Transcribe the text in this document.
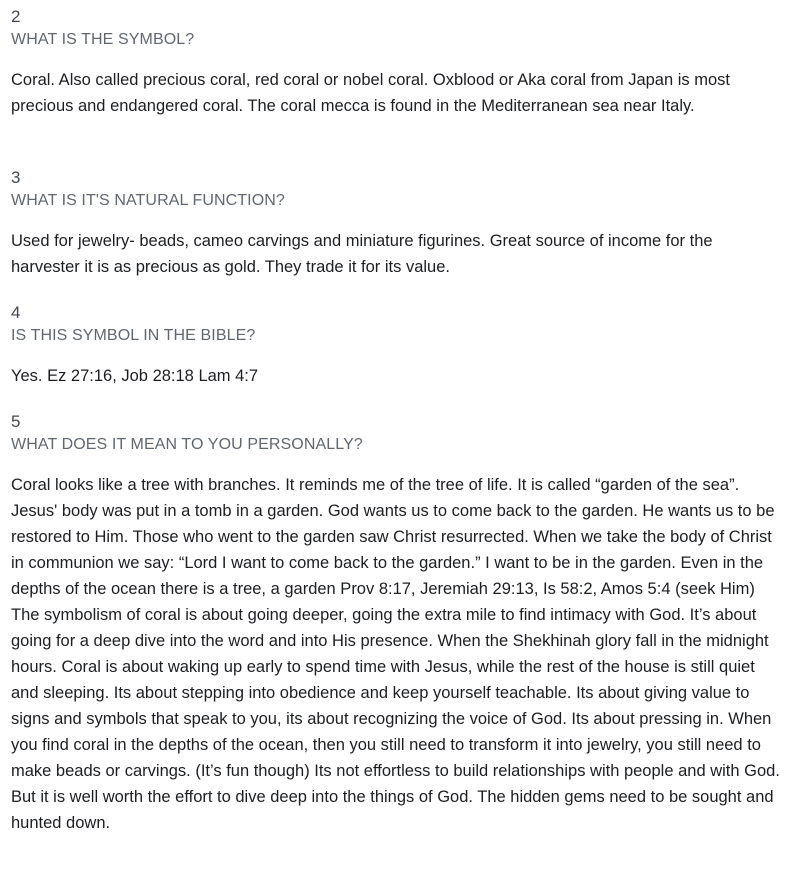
2

WHAT IS THE SYMBOL?

Coral. Also called precious coral, red coral or nobel coral. Oxblood or Aka coral from Japan is most precious and endangered coral. The coral mecca is found in the Mediterranean sea near Italy.

3

WHAT IS IT'S NATURAL FUNCTION?

Used for jewelry- beads, cameo carvings and miniature figurines. Great source of income for the harvester it is as precious as gold. They trade it for its value.

4

IS THIS SYMBOL IN THE BIBLE?

Yes. Ez 27:16, Job 28:18 Lam 4:7

5

WHAT DOES IT MEAN TO YOU PERSONALLY?

Coral looks like a tree with branches. It reminds me of the tree of life. It is called “garden of the sea”. Jesus' body was put in a tomb in a garden. God wants us to come back to the garden. He wants us to be restored to Him. Those who went to the garden saw Christ resurrected. When we take the body of Christ in communion we say: “Lord I want to come back to the garden.” I want to be in the garden. Even in the depths of the ocean there is a tree, a garden Prov 8:17, Jeremiah 29:13, Is 58:2, Amos 5:4 (seek Him) The symbolism of coral is about going deeper, going the extra mile to find intimacy with God. It’s about going for a deep dive into the word and into His presence. When the Shekhinah glory fall in the midnight hours. Coral is about waking up early to spend time with Jesus, while the rest of the house is still quiet and sleeping. Its about stepping into obedience and keep yourself teachable. Its about giving value to signs and symbols that speak to you, its about recognizing the voice of God. Its about pressing in. When you find coral in the depths of the ocean, then you still need to transform it into jewelry, you still need to make beads or carvings. (It’s fun though) Its not effortless to build relationships with people and with God. But it is well worth the effort to dive deep into the things of God. The hidden gems need to be sought and hunted down.
